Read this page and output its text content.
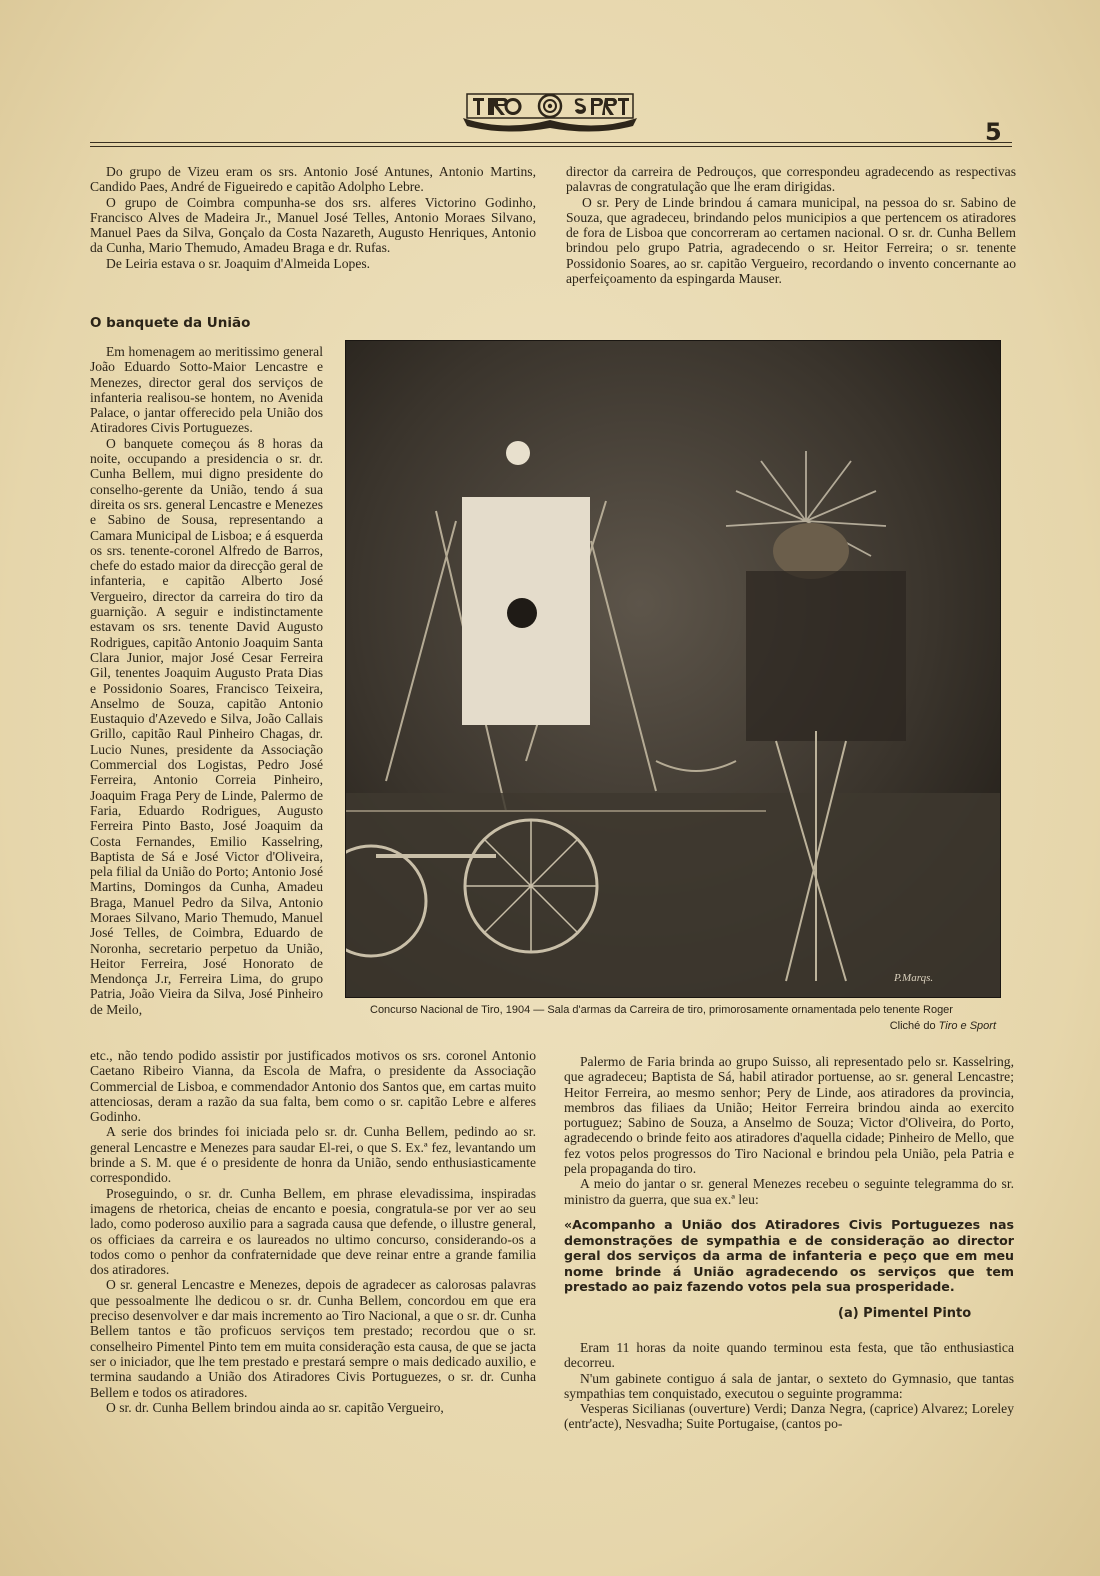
5

Do grupo de Vizeu eram os srs. Antonio José Antunes, Antonio Martins, Candido Paes, André de Figueiredo e capitão Adolpho Lebre.

O grupo de Coimbra compunha-se dos srs. alferes Victorino Godinho, Francisco Alves de Madeira Jr., Manuel José Telles, Antonio Moraes Silvano, Manuel Paes da Silva, Gonçalo da Costa Nazareth, Augusto Henriques, Antonio da Cunha, Mario Themudo, Amadeu Braga e dr. Rufas.

De Leiria estava o sr. Joaquim d'Almeida Lopes.

director da carreira de Pedrouços, que correspondeu agradecendo as respectivas palavras de congratulação que lhe eram dirigidas.

O sr. Pery de Linde brindou á camara municipal, na pessoa do sr. Sabino de Souza, que agradeceu, brindando pelos municipios a que pertencem os atiradores de fora de Lisboa que concorreram ao certamen nacional. O sr. dr. Cunha Bellem brindou pelo grupo Patria, agradecendo o sr. Heitor Ferreira; o sr. tenente Possidonio Soares, ao sr. capitão Vergueiro, recordando o invento concernante ao aperfeiçoamento da espingarda Mauser.

O banquete da União

Em homenagem ao meritissimo general João Eduardo Sotto-Maior Lencastre e Menezes, director geral dos serviços de infanteria realisou-se hontem, no Avenida Palace, o jantar offerecido pela União dos Atiradores Civis Portuguezes.

O banquete começou ás 8 horas da noite, occupando a presidencia o sr. dr. Cunha Bellem, mui digno presidente do conselho-gerente da União, tendo á sua direita os srs. general Lencastre e Menezes e Sabino de Sousa, representando a Camara Municipal de Lisboa; e á esquerda os srs. tenente-coronel Alfredo de Barros, chefe do estado maior da direcção geral de infanteria, e capitão Alberto José Vergueiro, director da carreira do tiro da guarnição. A seguir e indistinctamente estavam os srs. tenente David Augusto Rodrigues, capitão Antonio Joaquim Santa Clara Junior, major José Cesar Ferreira Gil, tenentes Joaquim Augusto Prata Dias e Possidonio Soares, Francisco Teixeira, Anselmo de Souza, capitão Antonio Eustaquio d'Azevedo e Silva, João Callais Grillo, capitão Raul Pinheiro Chagas, dr. Lucio Nunes, presidente da Associação Commercial dos Logistas, Pedro José Ferreira, Antonio Correia Pinheiro, Joaquim Fraga Pery de Linde, Palermo de Faria, Eduardo Rodrigues, Augusto Ferreira Pinto Basto, José Joaquim da Costa Fernandes, Emilio Kasselring, Baptista de Sá e José Victor d'Oliveira, pela filial da União do Porto; Antonio José Martins, Domingos da Cunha, Amadeu Braga, Manuel Pedro da Silva, Antonio Moraes Silvano, Mario Themudo, Manuel José Telles, de Coimbra, Eduardo de Noronha, secretario perpetuo da União, Heitor Ferreira, José Honorato de Mendonça J.r, Ferreira Lima, do grupo Patria, João Vieira da Silva, José Pinheiro de Meilo,

P.Marqs.
Concurso Nacional de Tiro, 1904 — Sala d'armas da Carreira de tiro, primorosamente ornamentada pelo tenente Roger
Cliché do Tiro e Sport

etc., não tendo podido assistir por justificados motivos os srs. coronel Antonio Caetano Ribeiro Vianna, da Escola de Mafra, o presidente da Associação Commercial de Lisboa, e commendador Antonio dos Santos que, em cartas muito attenciosas, deram a razão da sua falta, bem como o sr. capitão Lebre e alferes Godinho.

A serie dos brindes foi iniciada pelo sr. dr. Cunha Bellem, pedindo ao sr. general Lencastre e Menezes para saudar El-rei, o que S. Ex.ª fez, levantando um brinde a S. M. que é o presidente de honra da União, sendo enthusiasticamente correspondido.

Proseguindo, o sr. dr. Cunha Bellem, em phrase elevadissima, inspiradas imagens de rhetorica, cheias de encanto e poesia, congratula-se por ver ao seu lado, como poderoso auxilio para a sagrada causa que defende, o illustre general, os officiaes da carreira e os laureados no ultimo concurso, considerando-os a todos como o penhor da confraternidade que deve reinar entre a grande familia dos atiradores.

O sr. general Lencastre e Menezes, depois de agradecer as calorosas palavras que pessoalmente lhe dedicou o sr. dr. Cunha Bellem, concordou em que era preciso desenvolver e dar mais incremento ao Tiro Nacional, a que o sr. dr. Cunha Bellem tantos e tão proficuos serviços tem prestado; recordou que o sr. conselheiro Pimentel Pinto tem em muita consideração esta causa, de que se jacta ser o iniciador, que lhe tem prestado e prestará sempre o mais dedicado auxilio, e termina saudando a União dos Atiradores Civis Portuguezes, o sr. dr. Cunha Bellem e todos os atiradores.

O sr. dr. Cunha Bellem brindou ainda ao sr. capitão Vergueiro,

Palermo de Faria brinda ao grupo Suisso, ali representado pelo sr. Kasselring, que agradeceu; Baptista de Sá, habil atirador portuense, ao sr. general Lencastre; Heitor Ferreira, ao mesmo senhor; Pery de Linde, aos atiradores da provincia, membros das filiaes da União; Heitor Ferreira brindou ainda ao exercito portuguez; Sabino de Souza, a Anselmo de Souza; Victor d'Oliveira, do Porto, agradecendo o brinde feito aos atiradores d'aquella cidade; Pinheiro de Mello, que fez votos pelos progressos do Tiro Nacional e brindou pela União, pela Patria e pela propaganda do tiro.

A meio do jantar o sr. general Menezes recebeu o seguinte telegramma do sr. ministro da guerra, que sua ex.ª leu:

«Acompanho a União dos Atiradores Civis Portuguezes nas demonstrações de sympathia e de consideração ao director geral dos serviços da arma de infanteria e peço que em meu nome brinde á União agradecendo os serviços que tem prestado ao paiz fazendo votos pela sua prosperidade.
(a) Pimentel Pinto

Eram 11 horas da noite quando terminou esta festa, que tão enthusiastica decorreu.

N'um gabinete contiguo á sala de jantar, o sexteto do Gymnasio, que tantas sympathias tem conquistado, executou o seguinte programma:

Vesperas Sicilianas (ouverture) Verdi; Danza Negra, (caprice) Alvarez; Loreley (entr'acte), Nesvadha; Suite Portugaise, (cantos po-
